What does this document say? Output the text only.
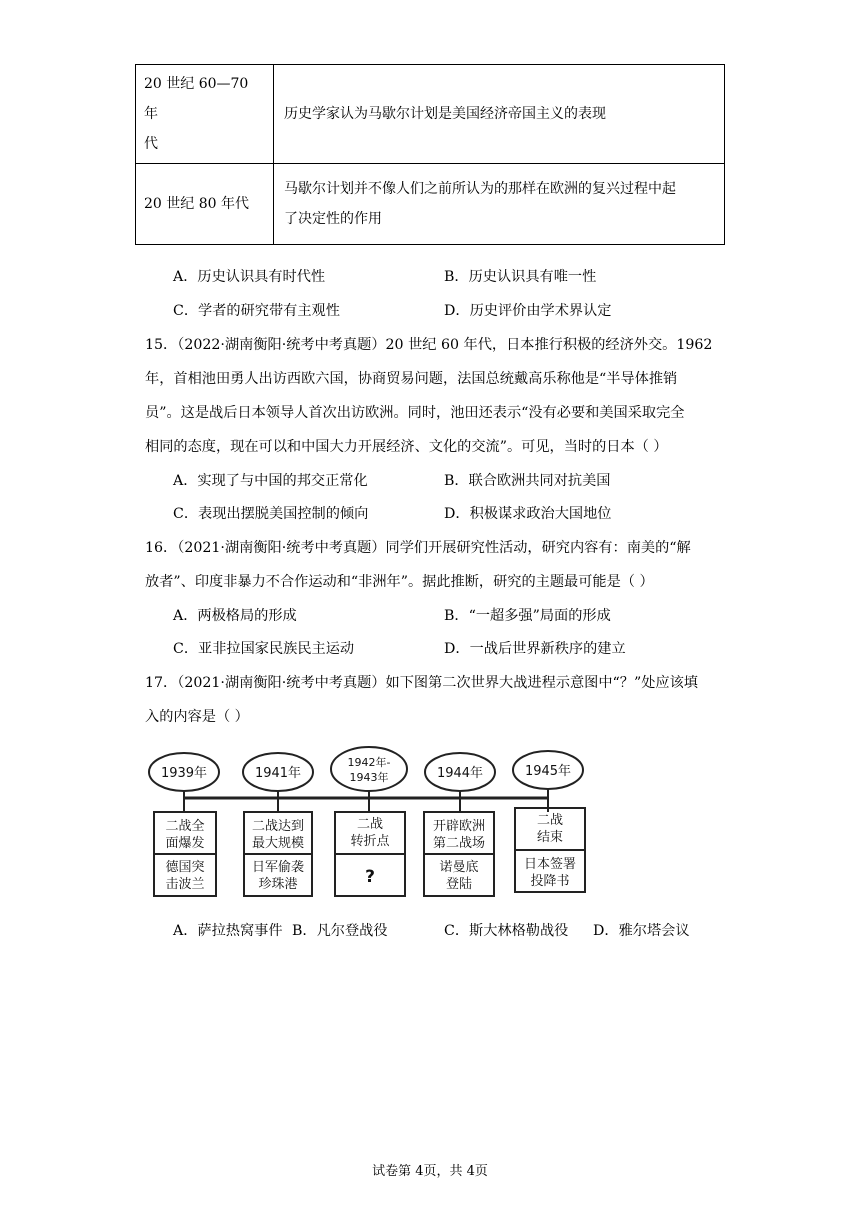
20 世纪 60—70 年
代	历史学家认为马歇尔计划是美国经济帝国主义的表现
20 世纪 80 年代	马歇尔计划并不像人们之前所认为的那样在欧洲的复兴过程中起
了决定性的作用
A．历史认识具有时代性	B．历史认识具有唯一性
C．学者的研究带有主观性	D．历史评价由学术界认定
15．（2022·湖南衡阳·统考中考真题）20 世纪 60 年代，日本推行积极的经济外交。1962
年，首相池田勇人出访西欧六国，协商贸易问题，法国总统戴高乐称他是“半导体推销
员”。这是战后日本领导人首次出访欧洲。同时，池田还表示“没有必要和美国采取完全
相同的态度，现在可以和中国大力开展经济、文化的交流”。可见，当时的日本（ ）
A．实现了与中国的邦交正常化	B．联合欧洲共同对抗美国
C．表现出摆脱美国控制的倾向	D．积极谋求政治大国地位
16．（2021·湖南衡阳·统考中考真题）同学们开展研究性活动，研究内容有：南美的“解
放者”、印度非暴力不合作运动和“非洲年”。据此推断，研究的主题最可能是（ ）
A．两极格局的形成	B．“一超多强”局面的形成
C．亚非拉国家民族民主运动	D．一战后世界新秩序的建立
17．（2021·湖南衡阳·统考中考真题）如下图第二次世界大战进程示意图中“？”处应该填
入的内容是（ ）
1939年	1941年
1942年-
1943年	1944年	1945年
二战全
面爆发
二战达到
最大规模
二战
转折点
开辟欧洲
第二战场
二战
结束
德国突
击波兰
日军偷袭
珍珠港	?	诺曼底
登陆
日本签署
投降书
A．萨拉热窝事件 B．凡尔登战役	C．斯大林格勒战役 D．雅尔塔会议
试卷第 4页，共 4页
